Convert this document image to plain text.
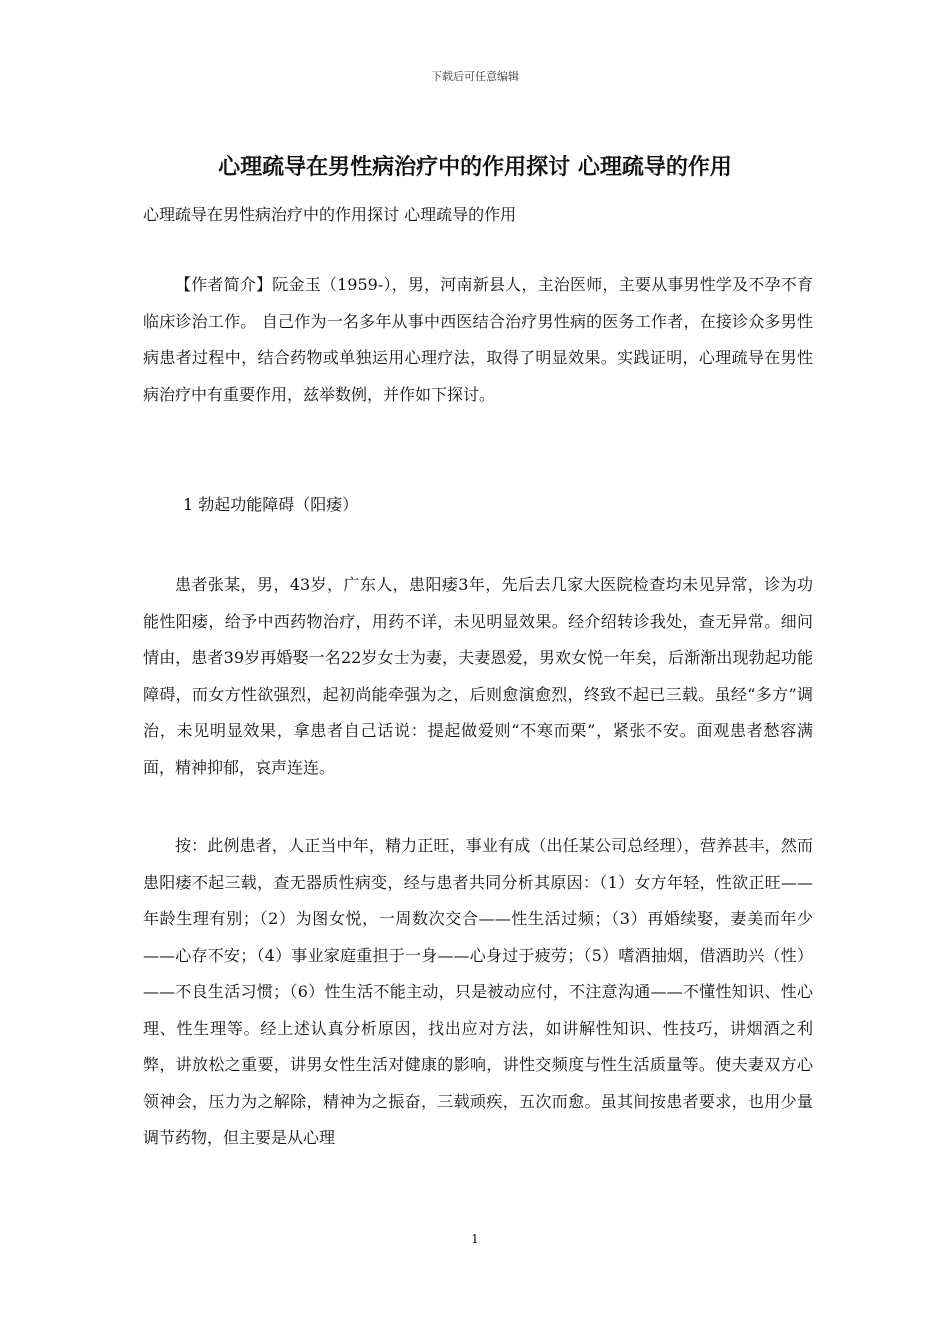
下载后可任意编辑
心理疏导在男性病治疗中的作用探讨 心理疏导的作用
心理疏导在男性病治疗中的作用探讨 心理疏导的作用

【作者简介】阮金玉（1959-），男，河南新县人，主治医师，主要从事男性学及不孕不育临床诊治工作。 自己作为一名多年从事中西医结合治疗男性病的医务工作者，在接诊众多男性病患者过程中，结合药物或单独运用心理疗法，取得了明显效果。实践证明，心理疏导在男性病治疗中有重要作用，兹举数例，并作如下探讨。

1 勃起功能障碍（阳痿）

患者张某，男，43岁，广东人，患阳痿3年，先后去几家大医院检查均未见异常，诊为功能性阳痿，给予中西药物治疗，用药不详，未见明显效果。经介绍转诊我处，查无异常。细问情由，患者39岁再婚娶一名22岁女士为妻，夫妻恩爱，男欢女悦一年矣，后渐渐出现勃起功能障碍，而女方性欲强烈，起初尚能牵强为之，后则愈演愈烈，终致不起已三载。虽经“多方”调治，未见明显效果，拿患者自己话说：提起做爱则“不寒而栗”，紧张不安。面观患者愁容满面，精神抑郁，哀声连连。

按：此例患者，人正当中年，精力正旺，事业有成（出任某公司总经理），营养甚丰，然而患阳痿不起三载，查无器质性病变，经与患者共同分析其原因：（1）女方年轻，性欲正旺——年龄生理有别；（2）为图女悦，一周数次交合——性生活过频；（3）再婚续娶，妻美而年少——心存不安；（4）事业家庭重担于一身——心身过于疲劳；（5）嗜酒抽烟，借酒助兴（性）——不良生活习惯；（6）性生活不能主动，只是被动应付，不注意沟通——不懂性知识、性心理、性生理等。经上述认真分析原因，找出应对方法，如讲解性知识、性技巧，讲烟酒之利弊，讲放松之重要，讲男女性生活对健康的影响，讲性交频度与性生活质量等。使夫妻双方心领神会，压力为之解除，精神为之振奋，三载顽疾，五次而愈。虽其间按患者要求，也用少量调节药物，但主要是从心理

1
